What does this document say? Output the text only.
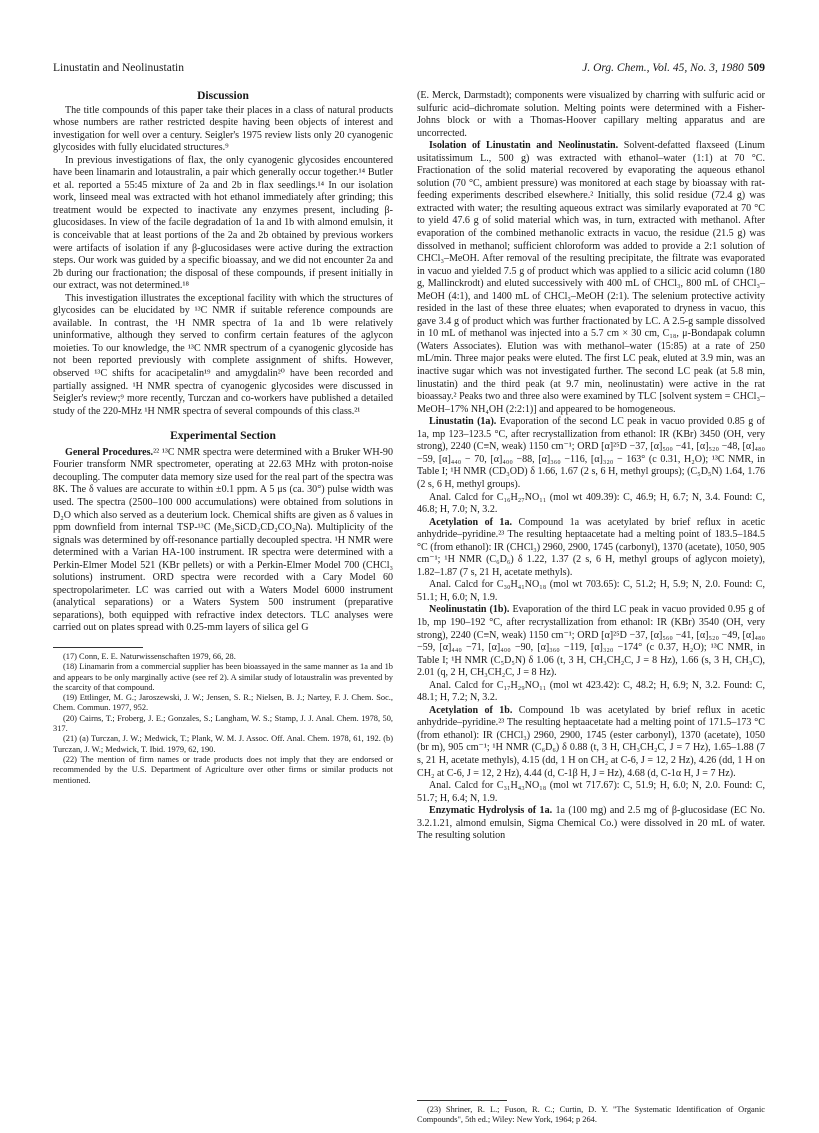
Linustatin and Neolinustatin	J. Org. Chem., Vol. 45, No. 3, 1980 509
Discussion

The title compounds of this paper take their places in a class of natural products whose numbers are rather restricted despite having been objects of interest and investigation for well over a century. Seigler's 1975 review lists only 20 cyanogenic glycosides with fully elucidated structures.⁹

In previous investigations of flax, the only cyanogenic glycosides encountered have been linamarin and lotaustralin, a pair which generally occur together.¹⁴ Butler et al. reported a 55:45 mixture of 2a and 2b in flax seedlings.¹⁴ In our isolation work, linseed meal was extracted with hot ethanol immediately after grinding; this treatment would be expected to inactivate any enzymes present, including β-glucosidases. In view of the facile degradation of 1a and 1b with almond emulsin, it is conceivable that at least portions of the 2a and 2b obtained by previous workers were artifacts of isolation if any β-glucosidases were active during the extraction steps. Our work was guided by a specific bioassay, and we did not encounter 2a and 2b during our fractionation; the disposal of these compounds, if present initially in our extract, was not determined.¹⁸

This investigation illustrates the exceptional facility with which the structures of glycosides can be elucidated by ¹³C NMR if suitable reference compounds are available. In contrast, the ¹H NMR spectra of 1a and 1b were relatively uninformative, although they served to confirm certain features of the aglycon moieties. To our knowledge, the ¹³C NMR spectrum of a cyanogenic glycoside has not been reported previously with complete assignment of shifts. However, observed ¹³C shifts for acacipetalin¹⁹ and amygdalin²⁰ have been recorded and partially assigned. ¹H NMR spectra of cyanogenic glycosides were discussed in Seigler's review;⁹ more recently, Turczan and co-workers have published a detailed study of the 220-MHz ¹H NMR spectra of several compounds of this class.²¹

Experimental Section

General Procedures.²² ¹³C NMR spectra were determined with a Bruker WH-90 Fourier transform NMR spectrometer, operating at 22.63 MHz with proton-noise decoupling. The computer data memory size used for the real part of the spectra was 8K. The δ values are accurate to within ±0.1 ppm. A 5 μs (ca. 30°) pulse width was used. The spectra (2500–100 000 accumulations) were obtained from solutions in D₂O which also served as a deuterium lock. Chemical shifts are given as δ values in ppm downfield from internal TSP-¹³C (Me₃SiCD₂CD₂CO₂Na). Multiplicity of the signals was determined by off-resonance partially decoupled spectra. ¹H NMR were determined with a Varian HA-100 instrument. IR spectra were determined with a Perkin-Elmer Model 521 (KBr pellets) or with a Perkin-Elmer Model 700 (CHCl₃ solutions) instrument. ORD spectra were recorded with a Cary Model 60 spectropolarimeter. LC was carried out with a Waters Model 6000 instrument (analytical separations) or a Waters System 500 instrument (preparative separations), both equipped with refractive index detectors. TLC analyses were carried out on plates spread with 0.25-mm layers of silica gel G

(17) Conn, E. E. Naturwissenschaften 1979, 66, 28.

(18) Linamarin from a commercial supplier has been bioassayed in the same manner as 1a and 1b and appears to be only marginally active (see ref 2). A similar study of lotaustralin was prevented by the scarcity of that compound.

(19) Ettlinger, M. G.; Jaroszewski, J. W.; Jensen, S. R.; Nielsen, B. J.; Nartey, F. J. Chem. Soc., Chem. Commun. 1977, 952.

(20) Cairns, T.; Froberg, J. E.; Gonzales, S.; Langham, W. S.; Stamp, J. J. Anal. Chem. 1978, 50, 317.

(21) (a) Turczan, J. W.; Medwick, T.; Plank, W. M. J. Assoc. Off. Anal. Chem. 1978, 61, 192. (b) Turczan, J. W.; Medwick, T. Ibid. 1979, 62, 190.

(22) The mention of firm names or trade products does not imply that they are endorsed or recommended by the U.S. Department of Agriculture over other firms or similar products not mentioned.

(E. Merck, Darmstadt); components were visualized by charring with sulfuric acid or sulfuric acid–dichromate solution. Melting points were determined with a Fisher-Johns block or with a Thomas-Hoover capillary melting apparatus and are uncorrected.

Isolation of Linustatin and Neolinustatin. Solvent-defatted flaxseed (Linum usitatissimum L., 500 g) was extracted with ethanol–water (1:1) at 70 °C. Fractionation of the solid material recovered by evaporating the aqueous ethanol solution (70 °C, ambient pressure) was monitored at each stage by bioassay with rat-feeding experiments described elsewhere.² Initially, this solid residue (72.4 g) was extracted with water; the resulting aqueous extract was similarly evaporated at 70 °C to yield 47.6 g of solid material which was, in turn, extracted with methanol. After evaporation of the combined methanolic extracts in vacuo, the residue (21.5 g) was dissolved in methanol; sufficient chloroform was added to provide a 2:1 solution of CHCl₃–MeOH. After removal of the resulting precipitate, the filtrate was evaporated in vacuo and yielded 7.5 g of product which was applied to a silicic acid column (180 g, Mallinckrodt) and eluted successively with 400 mL of CHCl₃, 800 mL of CHCl₃–MeOH (4:1), and 1400 mL of CHCl₃–MeOH (2:1). The selenium protective activity resided in the last of these three eluates; when evaporated to dryness in vacuo, this gave 3.4 g of product which was further fractionated by LC. A 2.5-g sample dissolved in 10 mL of methanol was injected into a 5.7 cm × 30 cm, C₁₈, μ-Bondapak column (Waters Associates). Elution was with methanol–water (15:85) at a rate of 250 mL/min. Three major peaks were eluted. The first LC peak, eluted at 3.9 min, was an inactive sugar which was not investigated further. The second LC peak (at 5.8 min, linustatin) and the third peak (at 9.7 min, neolinustatin) were active in the rat bioassay.² Peaks two and three also were examined by TLC [solvent system = CHCl₃–MeOH–17% NH₄OH (2:2:1)] and appeared to be homogeneous.

Linustatin (1a). Evaporation of the second LC peak in vacuo provided 0.85 g of 1a, mp 123–123.5 °C, after recrystallization from ethanol: IR (KBr) 3450 (OH, very strong), 2240 (C≡N, weak) 1150 cm⁻¹; ORD [α]²⁵D −37, [α]₅₀₀ −41, [α]₅₂₀ −48, [α]₄₈₀ −59, [α]₄₄₀ − 70, [α]₄₀₀ −88, [α]₃₆₀ −116, [α]₃₂₀ − 163° (c 0.31, H₂O); ¹³C NMR, in Table I; ¹H NMR (CD₃OD) δ 1.66, 1.67 (2 s, 6 H, methyl groups); (C₅D₅N) 1.64, 1.76 (2 s, 6 H, methyl groups).

Anal. Calcd for C₁₆H₂₇NO₁₁ (mol wt 409.39): C, 46.9; H, 6.7; N, 3.4. Found: C, 46.8; H, 7.0; N, 3.2.

Acetylation of 1a. Compound 1a was acetylated by brief reflux in acetic anhydride–pyridine.²³ The resulting heptaacetate had a melting point of 183.5–184.5 °C (from ethanol): IR (CHCl₃) 2960, 2900, 1745 (carbonyl), 1370 (acetate), 1050, 905 cm⁻¹; ¹H NMR (C₆D₆) δ 1.22, 1.37 (2 s, 6 H, methyl groups of aglycon moiety), 1.82–1.87 (7 s, 21 H, acetate methyls).

Anal. Calcd for C₃₀H₄₁NO₁₈ (mol wt 703.65): C, 51.2; H, 5.9; N, 2.0. Found: C, 51.1; H, 6.0; N, 1.9.

Neolinustatin (1b). Evaporation of the third LC peak in vacuo provided 0.95 g of 1b, mp 190–192 °C, after recrystallization from ethanol: IR (KBr) 3540 (OH, very strong), 2240 (C≡N, weak) 1150 cm⁻¹; ORD [α]²⁵D −37, [α]₅₆₀ −41, [α]₅₂₀ −49, [α]₄₈₀ −59, [α]₄₄₀ −71, [α]₄₀₀ −90, [α]₃₆₀ −119, [α]₃₂₀ −174° (c 0.37, H₂O); ¹³C NMR, in Table I; ¹H NMR (C₅D₅N) δ 1.06 (t, 3 H, CH₃CH₂C, J = 8 Hz), 1.66 (s, 3 H, CH₃C), 2.01 (q, 2 H, CH₃CH₂C, J = 8 Hz).

Anal. Calcd for C₁₇H₂₉NO₁₁ (mol wt 423.42): C, 48.2; H, 6.9; N, 3.2. Found: C, 48.1; H, 7.2; N, 3.2.

Acetylation of 1b. Compound 1b was acetylated by brief reflux in acetic anhydride–pyridine.²³ The resulting heptaacetate had a melting point of 171.5–173 °C (from ethanol): IR (CHCl₃) 2960, 2900, 1745 (ester carbonyl), 1370 (acetate), 1050 (br m), 905 cm⁻¹; ¹H NMR (C₆D₆) δ 0.88 (t, 3 H, CH₃CH₂C, J = 7 Hz), 1.65–1.88 (7 s, 21 H, acetate methyls), 4.15 (dd, 1 H on CH₂ at C-6, J = 12, 2 Hz), 4.26 (dd, 1 H on CH₂ at C-6, J = 12, 2 Hz), 4.44 (d, C-1β H, J = Hz), 4.68 (d, C-1α H, J = 7 Hz).

Anal. Calcd for C₃₁H₄₃NO₁₈ (mol wt 717.67): C, 51.9; H, 6.0; N, 2.0. Found: C, 51.7; H, 6.4; N, 1.9.

Enzymatic Hydrolysis of 1a. 1a (100 mg) and 2.5 mg of β-glucosidase (EC No. 3.2.1.21, almond emulsin, Sigma Chemical Co.) were dissolved in 20 mL of water. The resulting solution

(23) Shriner, R. L.; Fuson, R. C.; Curtin, D. Y. "The Systematic Identification of Organic Compounds", 5th ed.; Wiley: New York, 1964; p 264.
